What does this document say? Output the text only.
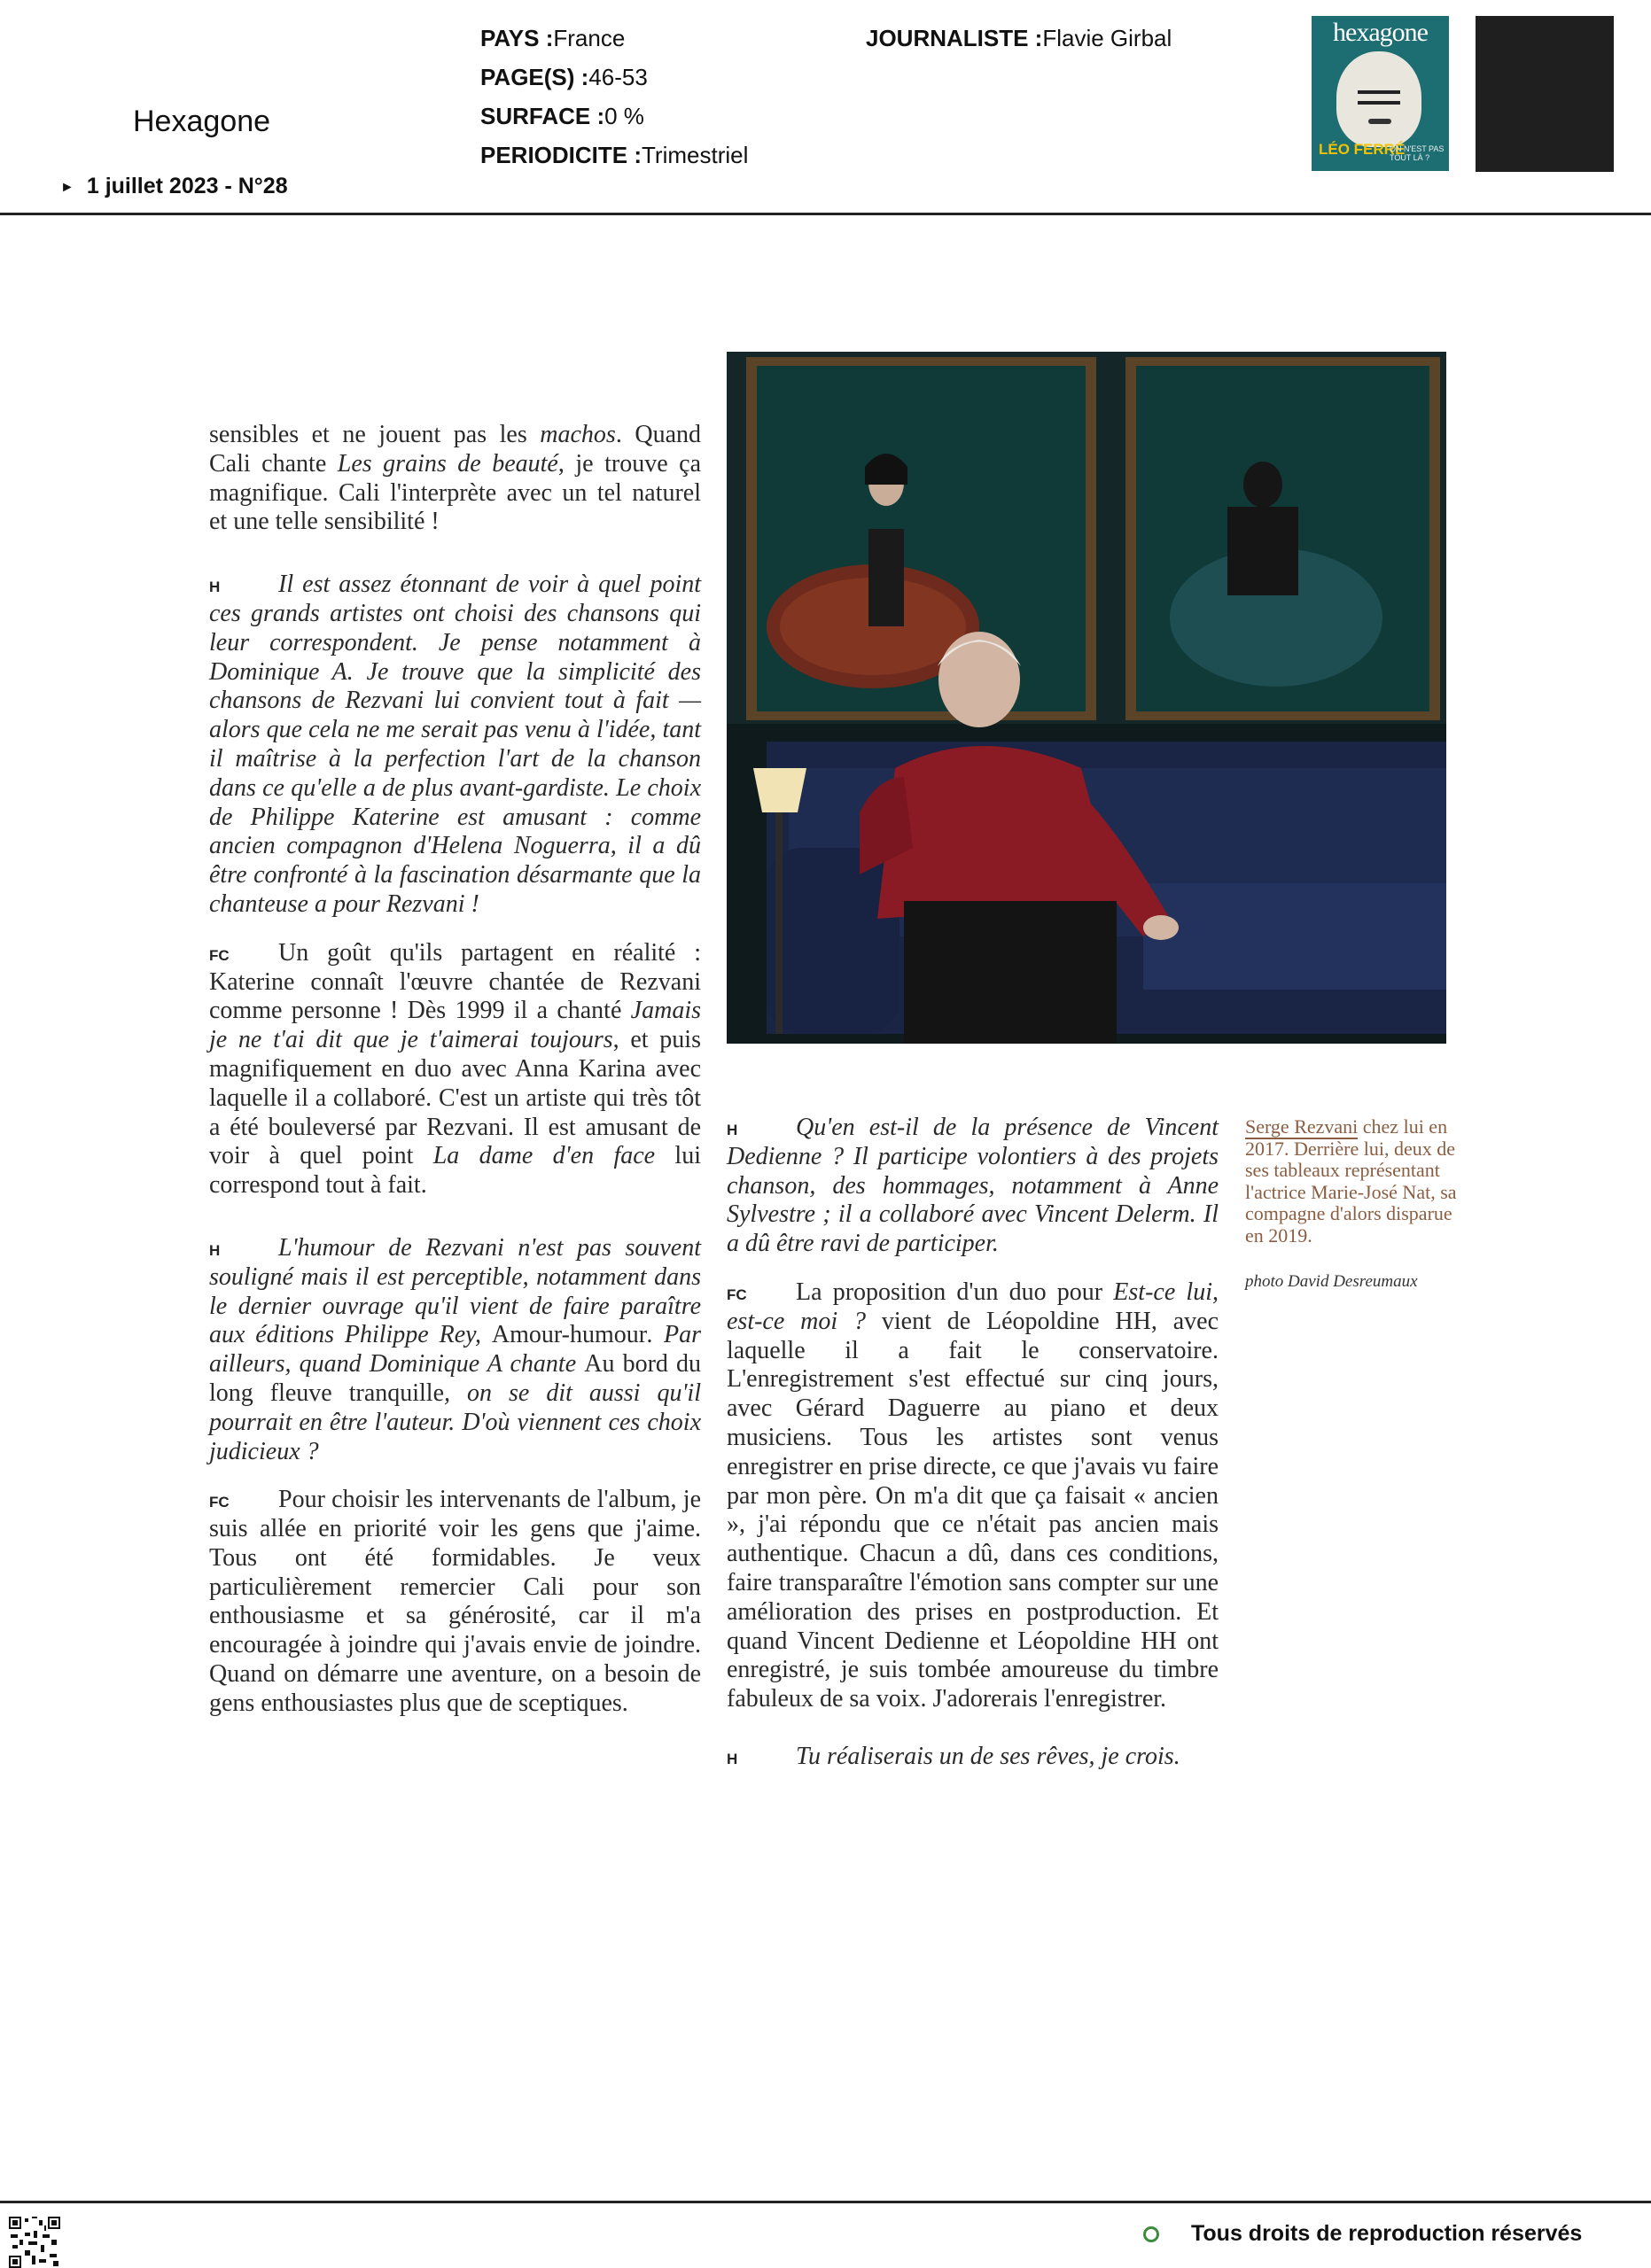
Hexagone
► 1 juillet 2023 - N°28
PAYS :France
PAGE(S) :46-53
SURFACE :0 %
PERIODICITE :Trimestriel
JOURNALISTE :Flavie Girbal	hexagone
LÉO FERRÉ
ON N'EST PAS TOUT LÀ ?

sensibles et ne jouent pas les machos. Quand Cali chante Les grains de beauté, je trouve ça magnifique. Cali l'interprète avec un tel naturel et une telle sensibilité !

H Il est assez étonnant de voir à quel point ces grands artistes ont choisi des chansons qui leur correspondent. Je pense notamment à Dominique A. Je trouve que la simplicité des chansons de Rezvani lui convient tout à fait — alors que cela ne me serait pas venu à l'idée, tant il maîtrise à la perfection l'art de la chanson dans ce qu'elle a de plus avant-gardiste. Le choix de Philippe Katerine est amusant : comme ancien compagnon d'Helena Noguerra, il a dû être confronté à la fascination désarmante que la chanteuse a pour Rezvani !

FC Un goût qu'ils partagent en réalité : Katerine connaît l'œuvre chantée de Rezvani comme personne ! Dès 1999 il a chanté Jamais je ne t'ai dit que je t'aimerai toujours, et puis magnifiquement en duo avec Anna Karina avec laquelle il a collaboré. C'est un artiste qui très tôt a été bouleversé par Rezvani. Il est amusant de voir à quel point La dame d'en face lui correspond tout à fait.

H L'humour de Rezvani n'est pas souvent souligné mais il est perceptible, notamment dans le dernier ouvrage qu'il vient de faire paraître aux éditions Philippe Rey, Amour-humour. Par ailleurs, quand Dominique A chante Au bord du long fleuve tranquille, on se dit aussi qu'il pourrait en être l'auteur. D'où viennent ces choix judicieux ?

FC Pour choisir les intervenants de l'album, je suis allée en priorité voir les gens que j'aime. Tous ont été formidables. Je veux particulièrement remercier Cali pour son enthousiasme et sa générosité, car il m'a encouragée à joindre qui j'avais envie de joindre. Quand on démarre une aventure, on a besoin de gens enthousiastes plus que de sceptiques.

H Qu'en est-il de la présence de Vincent Dedienne ? Il participe volontiers à des projets chanson, des hommages, notamment à Anne Sylvestre ; il a collaboré avec Vincent Delerm. Il a dû être ravi de participer.

FC La proposition d'un duo pour Est-ce lui, est-ce moi ? vient de Léopoldine HH, avec laquelle il a fait le conservatoire. L'enregistrement s'est effectué sur cinq jours, avec Gérard Daguerre au piano et deux musiciens. Tous les artistes sont venus enregistrer en prise directe, ce que j'avais vu faire par mon père. On m'a dit que ça faisait « ancien », j'ai répondu que ce n'était pas ancien mais authentique. Chacun a dû, dans ces conditions, faire transparaître l'émotion sans compter sur une amélioration des prises en postproduction. Et quand Vincent Dedienne et Léopoldine HH ont enregistré, je suis tombée amoureuse du timbre fabuleux de sa voix. J'adorerais l'enregistrer.

H Tu réaliserais un de ses rêves, je crois.

Serge Rezvani chez lui en 2017. Derrière lui, deux de ses tableaux représentant l'actrice Marie-José Nat, sa compagne d'alors disparue en 2019.
photo David Desreumaux
Tous droits de reproduction réservés
